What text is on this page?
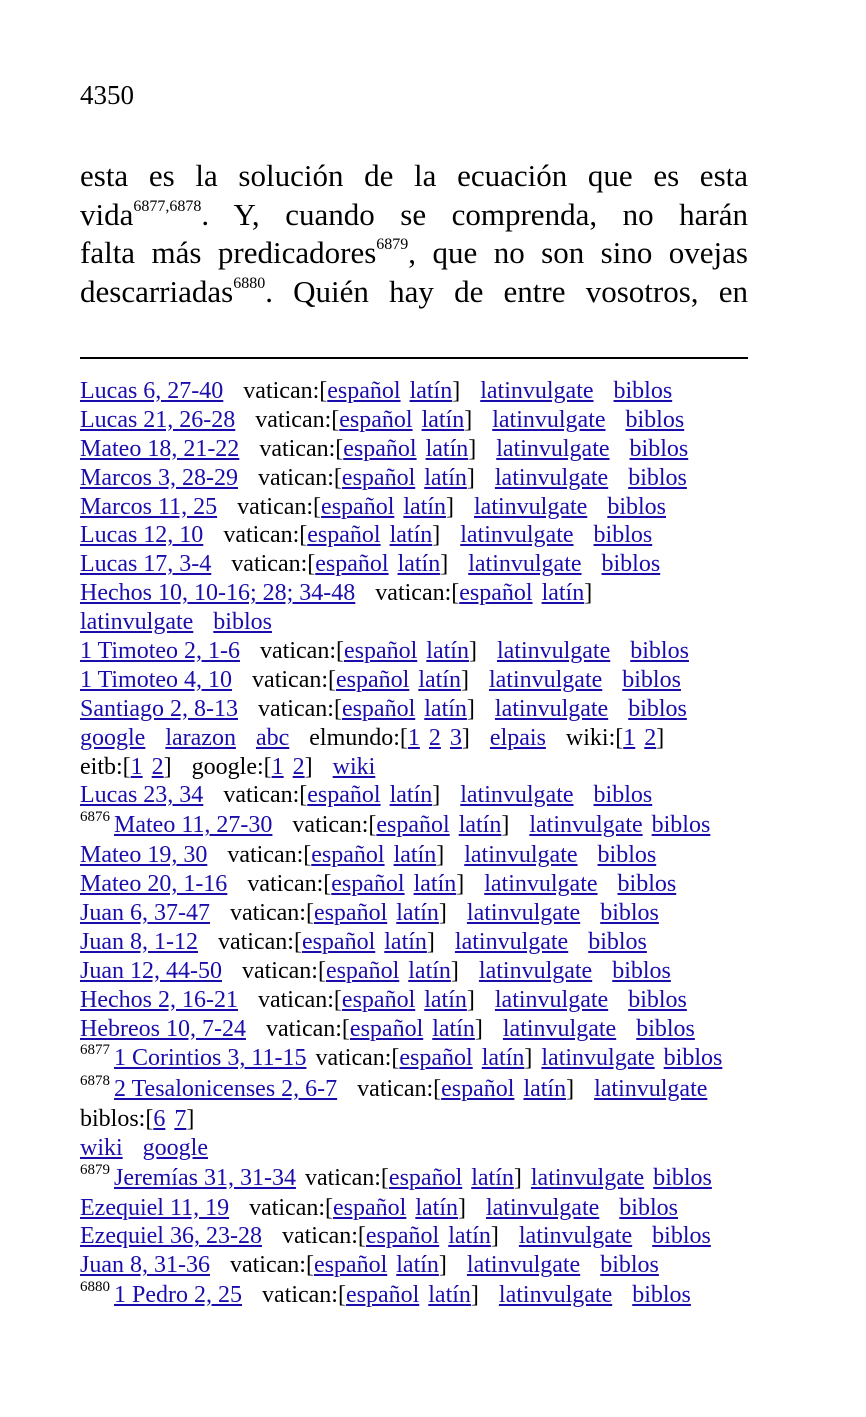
4350
esta es la solución de la ecuación que es esta
vida$^{6877,6878}$. Y, cuando se comprenda, no harán
falta más predicadores$^{6879}$, que no son sino ovejas
descarriadas$^{6880}$. Quién hay de entre vosotros, en
Lucas 6, 27-40 vatican:[español latín] latinvulgate biblos
Lucas 21, 26-28 vatican:[español latín] latinvulgate biblos
Mateo 18, 21-22 vatican:[español latín] latinvulgate biblos
Marcos 3, 28-29 vatican:[español latín] latinvulgate biblos
Marcos 11, 25 vatican:[español latín] latinvulgate biblos
Lucas 12, 10 vatican:[español latín] latinvulgate biblos
Lucas 17, 3-4 vatican:[español latín] latinvulgate biblos
Hechos 10, 10-16; 28; 34-48 vatican:[español latín]
latinvulgate biblos
1 Timoteo 2, 1-6 vatican:[español latín] latinvulgate biblos
1 Timoteo 4, 10 vatican:[español latín] latinvulgate biblos
Santiago 2, 8-13 vatican:[español latín] latinvulgate biblos
google larazon abc elmundo:[1 2 3] elpais wiki:[1 2]
eitb:[1 2] google:[1 2] wiki
Lucas 23, 34 vatican:[español latín] latinvulgate biblos
$^{6876}$ Mateo 11, 27-30 vatican:[español latín] latinvulgate biblos
Mateo 19, 30 vatican:[español latín] latinvulgate biblos
Mateo 20, 1-16 vatican:[español latín] latinvulgate biblos
Juan 6, 37-47 vatican:[español latín] latinvulgate biblos
Juan 8, 1-12 vatican:[español latín] latinvulgate biblos
Juan 12, 44-50 vatican:[español latín] latinvulgate biblos
Hechos 2, 16-21 vatican:[español latín] latinvulgate biblos
Hebreos 10, 7-24 vatican:[español latín] latinvulgate biblos
$^{6877}$ 1 Corintios 3, 11-15 vatican:[español latín] latinvulgate biblos
$^{6878}$ 2 Tesalonicenses 2, 6-7 vatican:[español latín] latinvulgate
biblos:[6 7]
wiki google
$^{6879}$ Jeremías 31, 31-34 vatican:[español latín] latinvulgate biblos
Ezequiel 11, 19 vatican:[español latín] latinvulgate biblos
Ezequiel 36, 23-28 vatican:[español latín] latinvulgate biblos
Juan 8, 31-36 vatican:[español latín] latinvulgate biblos
$^{6880}$ 1 Pedro 2, 25 vatican:[español latín] latinvulgate biblos
